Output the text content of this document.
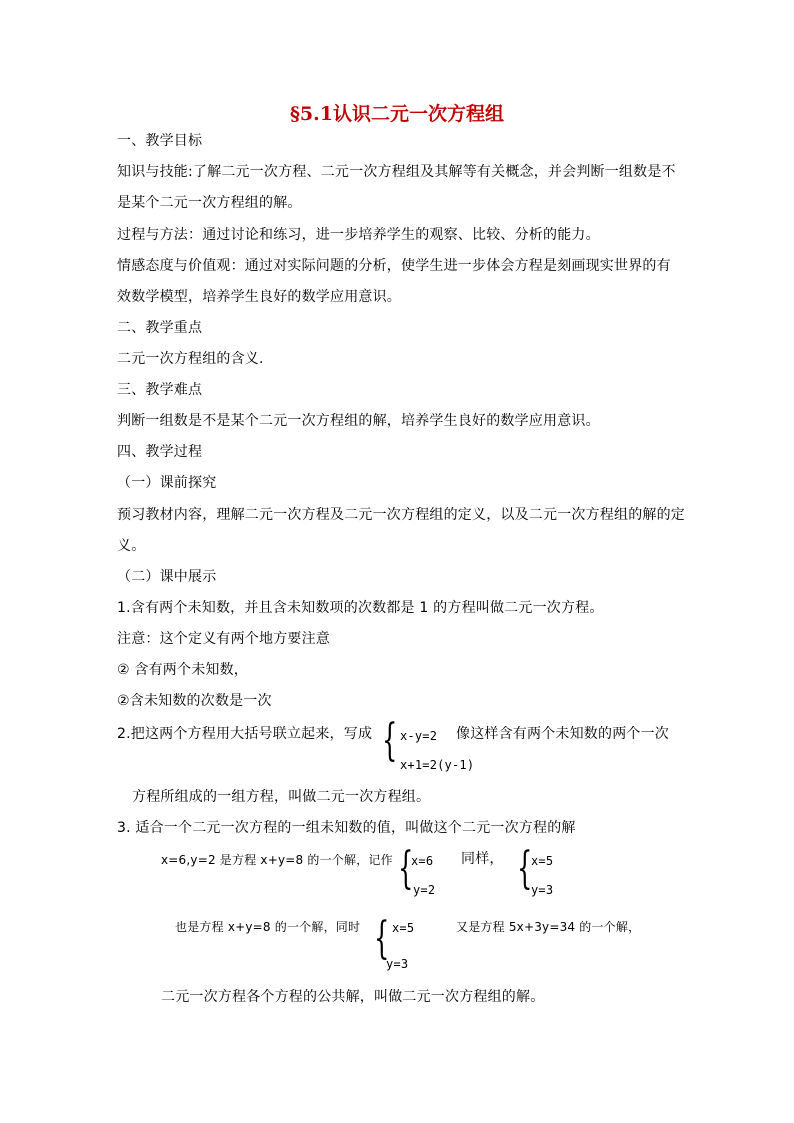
§5.1认识二元一次方程组
一、教学目标
知识与技能:了解二元一次方程、二元一次方程组及其解等有关概念，并会判断一组数是不
是某个二元一次方程组的解。
过程与方法：通过讨论和练习，进一步培养学生的观察、比较、分析的能力。
情感态度与价值观：通过对实际问题的分析，使学生进一步体会方程是刻画现实世界的有
效数学模型，培养学生良好的数学应用意识。
二、教学重点
二元一次方程组的含义.
三、教学难点
判断一组数是不是某个二元一次方程组的解，培养学生良好的数学应用意识。
四、教学过程
（一）课前探究
预习教材内容，理解二元一次方程及二元一次方程组的定义，以及二元一次方程组的解的定
义。
（二）课中展示
1.含有两个未知数，并且含未知数项的次数都是 1 的方程叫做二元一次方程。
注意：这个定义有两个地方要注意
② 含有两个未知数，
②含未知数的次数是一次
2.把这两个方程用大括号联立起来，写成 { x-y=2
x+1=2(y-1)
像这样含有两个未知数的两个一次
方程所组成的一组方程，叫做二元一次方程组。
3. 适合一个二元一次方程的一组未知数的值，叫做这个二元一次方程的解
x=6,y=2 是方程 x+y=8 的一个解，记作 {
x=6
y=2
同样， {
x=5
y=3
也是方程 x+y=8 的一个解，同时 { x=5
y=3
又是方程 5x+3y=34 的一个解，
二元一次方程各个方程的公共解，叫做二元一次方程组的解。
